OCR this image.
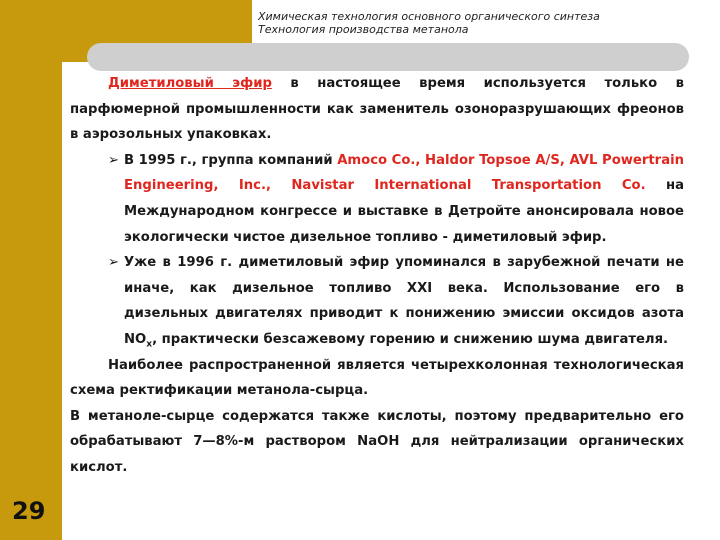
Химическая технология основного органического синтеза
Технология производства метанола
29

Диметиловый эфир в настоящее время используется только в парфюмерной промышленности как заменитель озоноразрушающих фреонов в аэрозольных упаковках.

➢ В 1995 г., группа компаний Amoco Co., Haldor Topsoe A/S, AVL Powertrain Engineering, Inc., Navistar International Transportation Co. на Международном конгрессе и выставке в Детройте анонсировала новое экологически чистое дизельное топливо - диметиловый эфир.

➢ Уже в 1996 г. диметиловый эфир упоминался в зарубежной печати не иначе, как дизельное топливо XXI века. Использование его в дизельных двигателях приводит к понижению эмиссии оксидов азота $NO_x$, практически безсажевому горению и снижению шума двигателя.

Наиболее распространенной является четырехколонная технологическая схема ректификации метанола-сырца.

В метаноле-сырце содержатся также кислоты, поэтому предварительно его обрабатывают 7—8%-м раствором NaOH для нейтрализации органических кислот.
